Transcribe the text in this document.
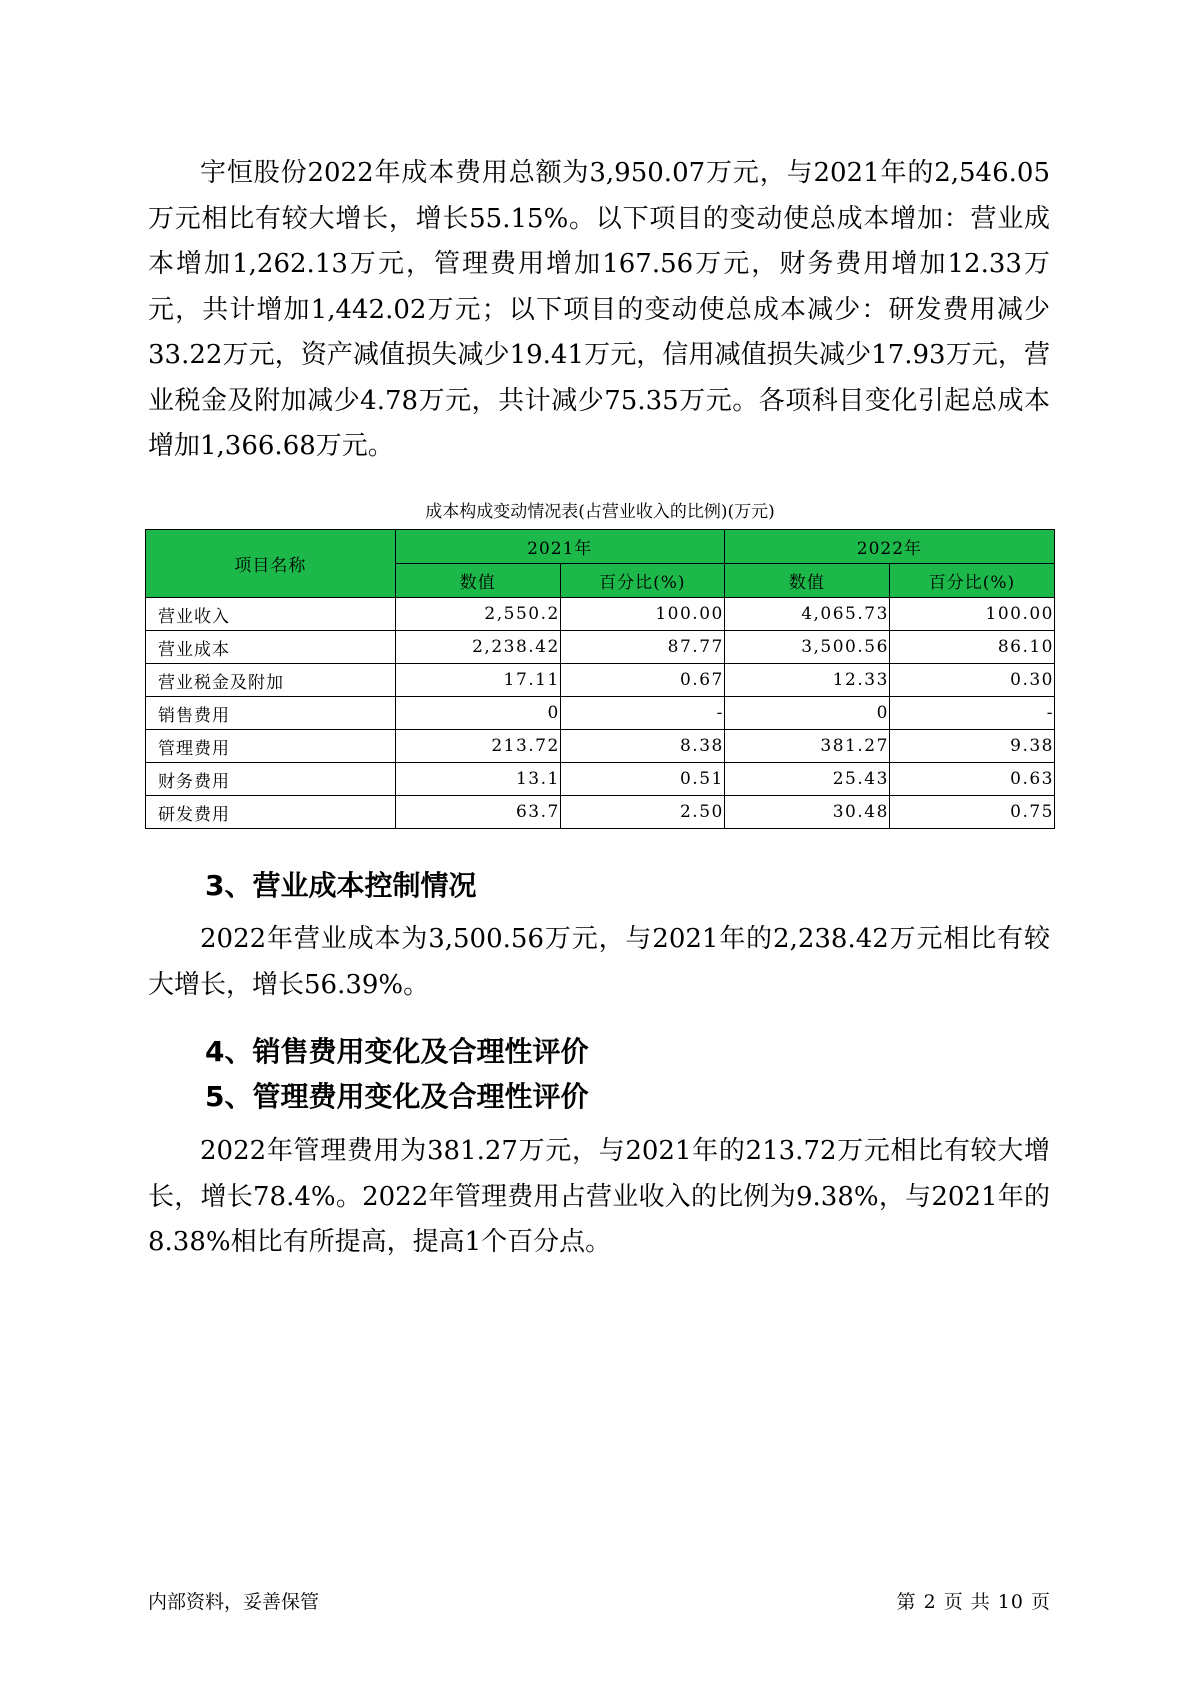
宇恒股份2022年成本费用总额为3,950.07万元，与2021年的2,546.05万元相比有较大增长，增长55.15%。以下项目的变动使总成本增加：营业成本增加1,262.13万元，管理费用增加167.56万元，财务费用增加12.33万元，共计增加1,442.02万元；以下项目的变动使总成本减少：研发费用减少33.22万元，资产减值损失减少19.41万元，信用减值损失减少17.93万元，营业税金及附加减少4.78万元，共计减少75.35万元。各项科目变化引起总成本增加1,366.68万元。

成本构成变动情况表(占营业收入的比例)(万元)
项目名称	2021年		2022年	
	数值	百分比(%)	数值	百分比(%)
营业收入	2,550.2	100.00	4,065.73	100.00
营业成本	2,238.42	87.77	3,500.56	86.10
营业税金及附加	17.11	0.67	12.33	0.30
销售费用	0	-	0	-
管理费用	213.72	8.38	381.27	9.38
财务费用	13.1	0.51	25.43	0.63
研发费用	63.7	2.50	30.48	0.75
3、营业成本控制情况

2022年营业成本为3,500.56万元，与2021年的2,238.42万元相比有较大增长，增长56.39%。

4、销售费用变化及合理性评价
5、管理费用变化及合理性评价

2022年管理费用为381.27万元，与2021年的213.72万元相比有较大增长，增长78.4%。2022年管理费用占营业收入的比例为9.38%，与2021年的8.38%相比有所提高，提高1个百分点。

内部资料，妥善保管	第 2 页 共 10 页
